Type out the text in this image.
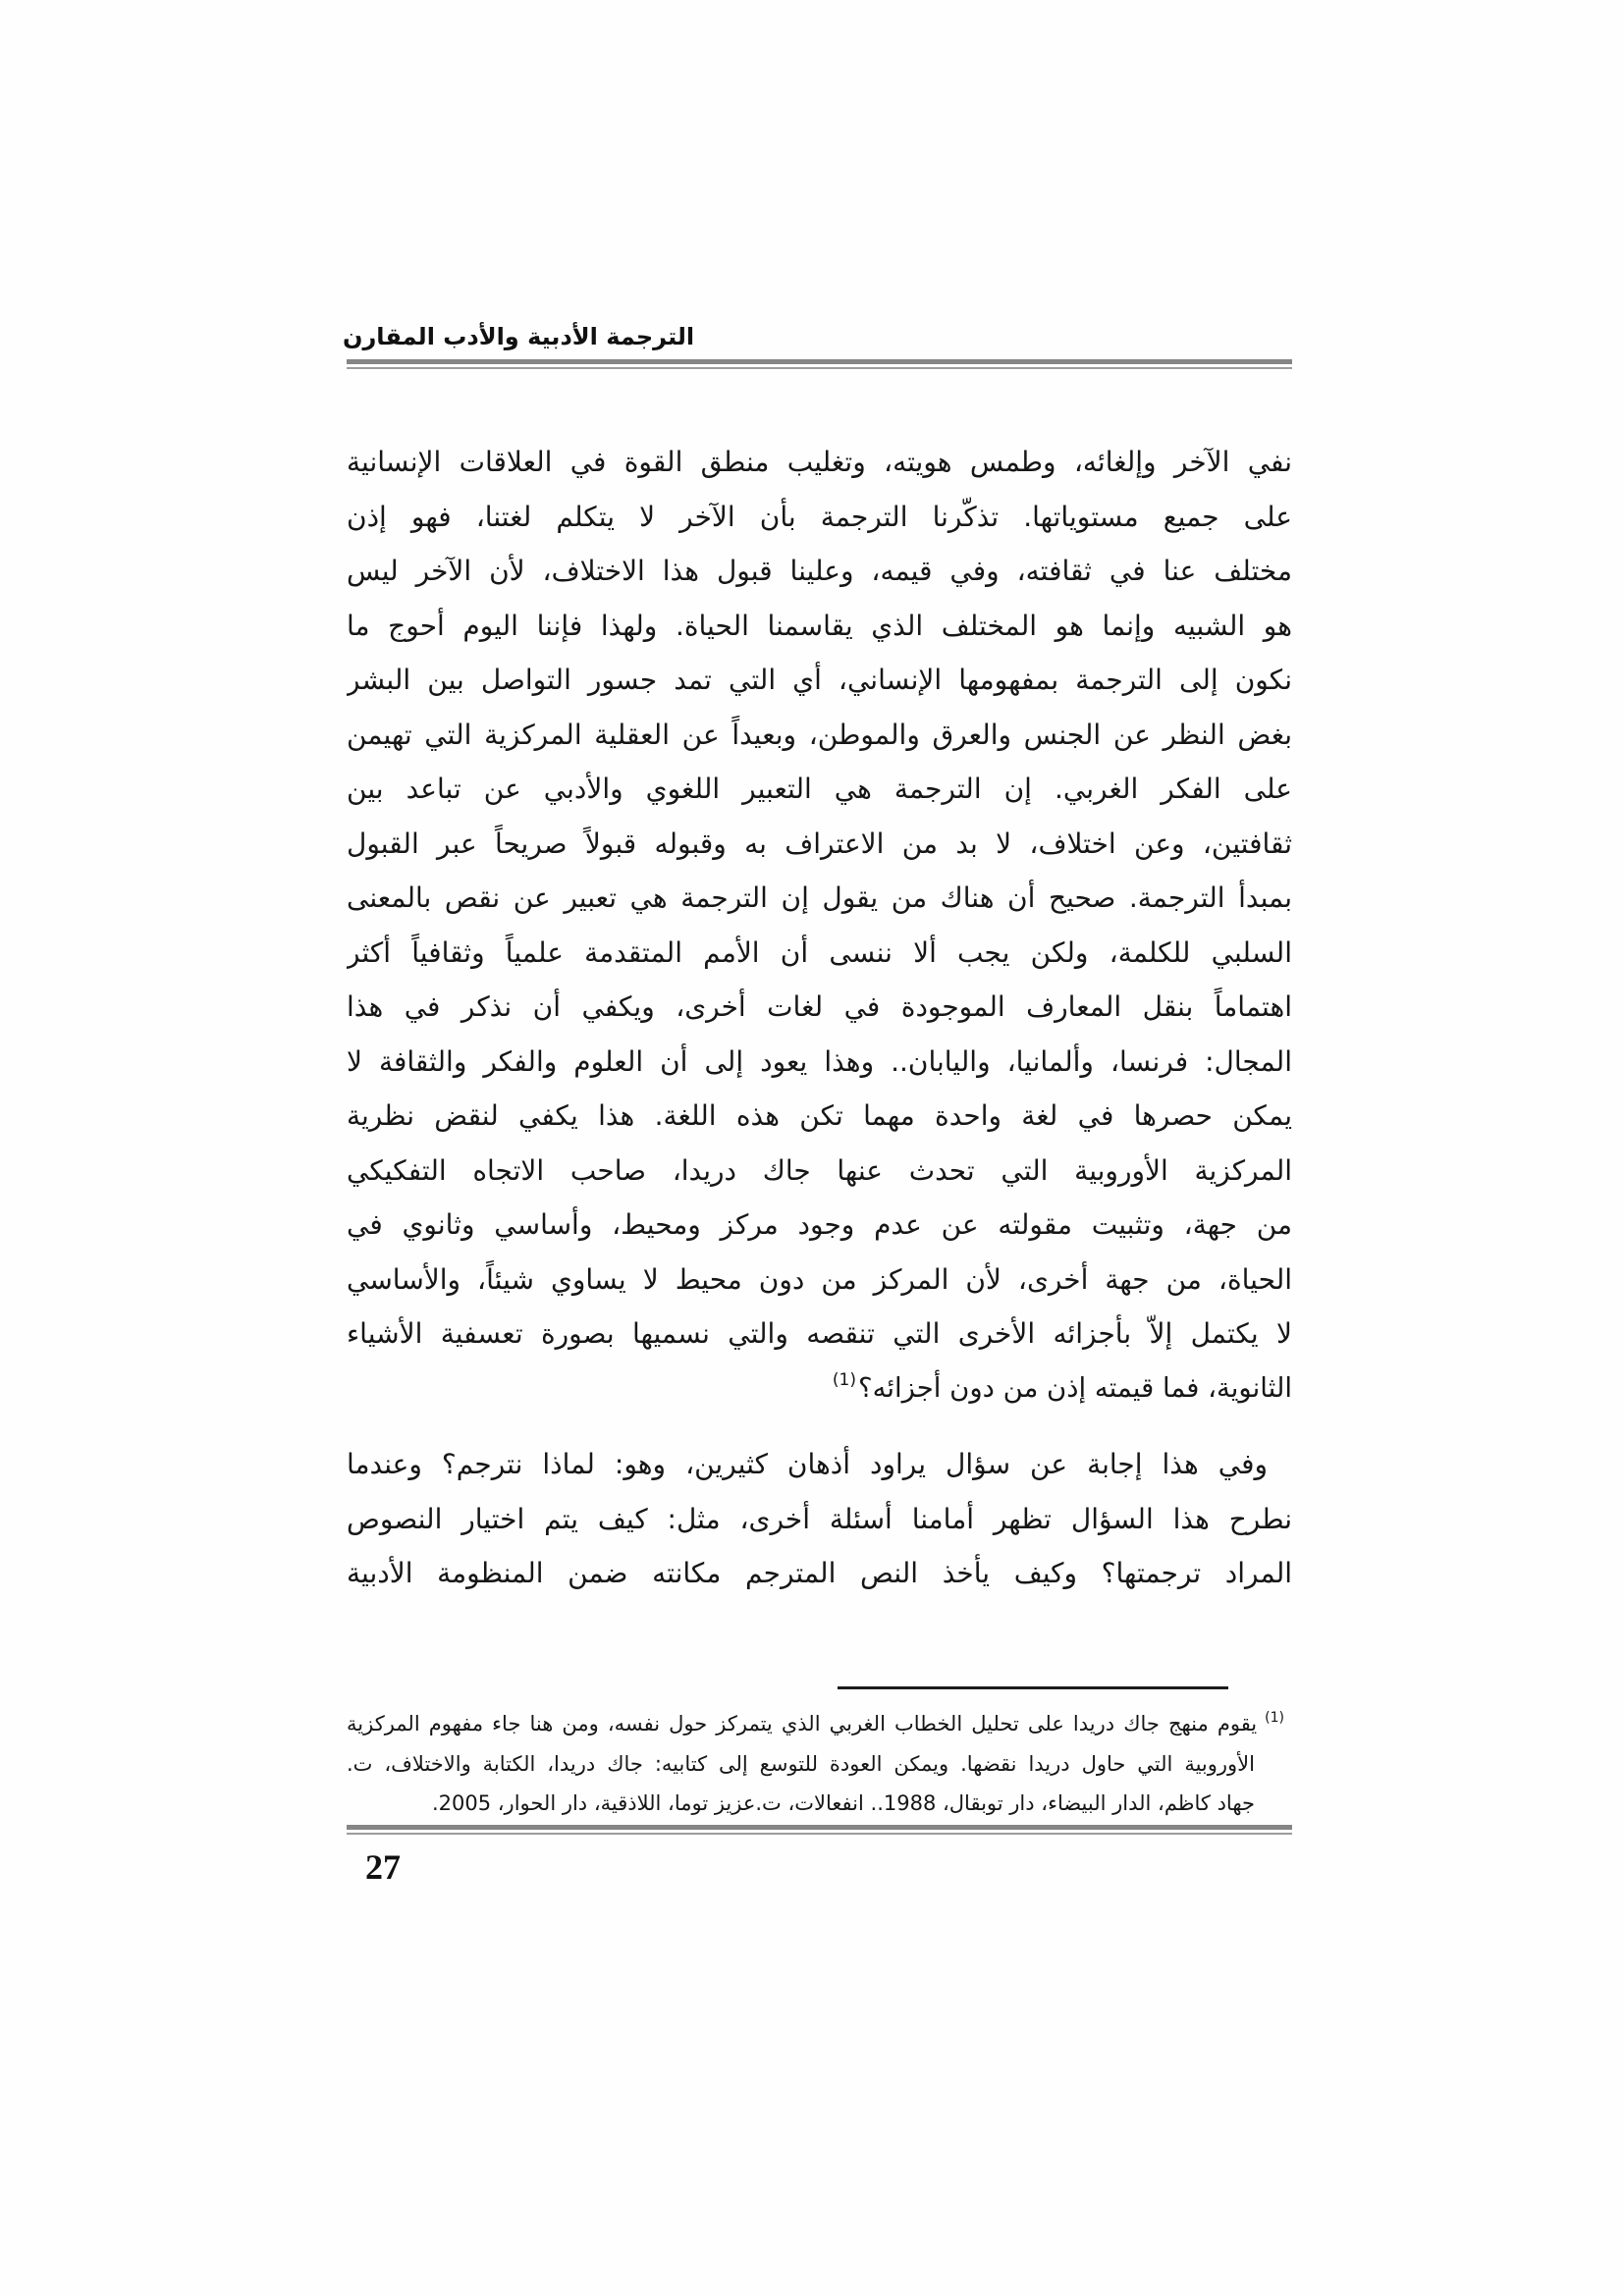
الترجمة الأدبية والأدب المقارن
نفي الآخر وإلغائه، وطمس هويته، وتغليب منطق القوة في العلاقات الإنسانية
على جميع مستوياتها. تذكّرنا الترجمة بأن الآخر لا يتكلم لغتنا، فهو إذن
مختلف عنا في ثقافته، وفي قيمه، وعلينا قبول هذا الاختلاف، لأن الآخر ليس
هو الشبيه وإنما هو المختلف الذي يقاسمنا الحياة. ولهذا فإننا اليوم أحوج ما
نكون إلى الترجمة بمفهومها الإنساني، أي التي تمد جسور التواصل بين البشر
بغض النظر عن الجنس والعرق والموطن، وبعيداً عن العقلية المركزية التي تهيمن
على الفكر الغربي. إن الترجمة هي التعبير اللغوي والأدبي عن تباعد بين
ثقافتين، وعن اختلاف، لا بد من الاعتراف به وقبوله قبولاً صريحاً عبر القبول
بمبدأ الترجمة. صحيح أن هناك من يقول إن الترجمة هي تعبير عن نقص بالمعنى
السلبي للكلمة، ولكن يجب ألا ننسى أن الأمم المتقدمة علمياً وثقافياً أكثر
اهتماماً بنقل المعارف الموجودة في لغات أخرى، ويكفي أن نذكر في هذا
المجال: فرنسا، وألمانيا، واليابان.. وهذا يعود إلى أن العلوم والفكر والثقافة لا
يمكن حصرها في لغة واحدة مهما تكن هذه اللغة. هذا يكفي لنقض نظرية
المركزية الأوروبية التي تحدث عنها جاك دريدا، صاحب الاتجاه التفكيكي
من جهة، وتثبيت مقولته عن عدم وجود مركز ومحيط، وأساسي وثانوي في
الحياة، من جهة أخرى، لأن المركز من دون محيط لا يساوي شيئاً، والأساسي
لا يكتمل إلاّ بأجزائه الأخرى التي تنقصه والتي نسميها بصورة تعسفية الأشياء
الثانوية، فما قيمته إذن من دون أجزائه؟$^{(1)}$
وفي هذا إجابة عن سؤال يراود أذهان كثيرين، وهو: لماذا نترجم؟ وعندما
نطرح هذا السؤال تظهر أمامنا أسئلة أخرى، مثل: كيف يتم اختيار النصوص
المراد ترجمتها؟ وكيف يأخذ النص المترجم مكانته ضمن المنظومة الأدبية
$^{(1)}$يقوم منهج جاك دريدا على تحليل الخطاب الغربي الذي يتمركز حول نفسه، ومن هنا جاء مفهوم المركزية
الأوروبية التي حاول دريدا نقضها. ويمكن العودة للتوسع إلى كتابيه: جاك دريدا، الكتابة والاختلاف، ت.
جهاد كاظم، الدار البيضاء، دار توبقال، 1988.. انفعالات، ت.عزيز توما، اللاذقية، دار الحوار، 2005.
27
